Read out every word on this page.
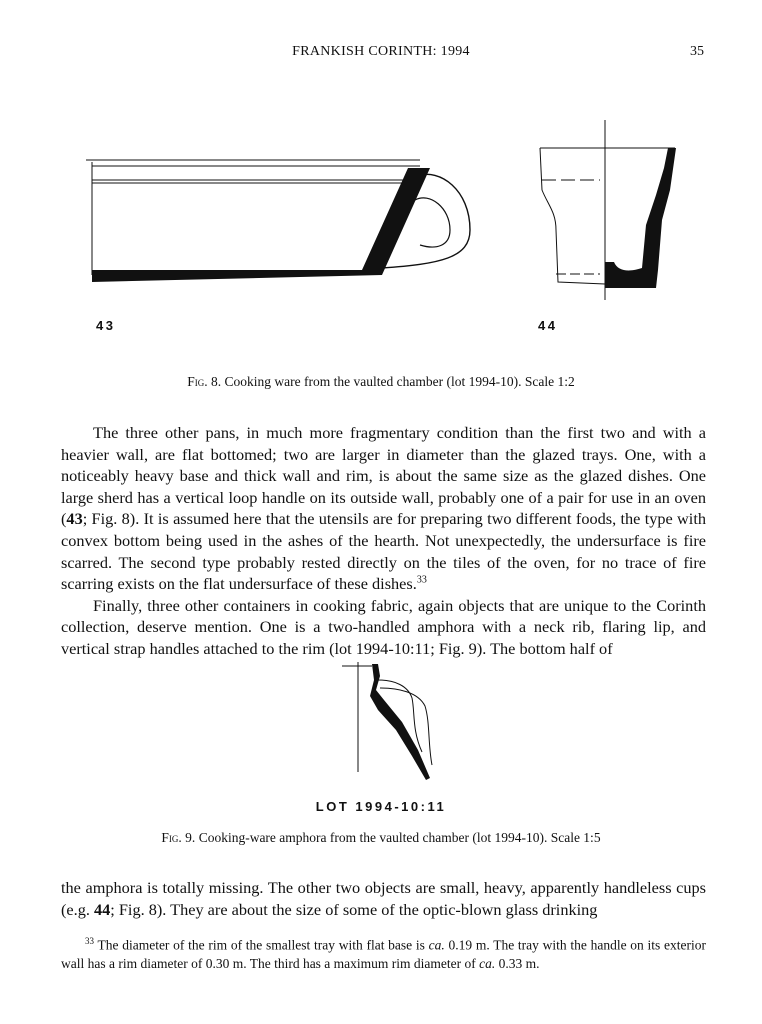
FRANKISH CORINTH: 1994	35
43	44
Fig. 8. Cooking ware from the vaulted chamber (lot 1994-10). Scale 1:2

The three other pans, in much more fragmentary condition than the first two and with a heavier wall, are flat bottomed; two are larger in diameter than the glazed trays. One, with a noticeably heavy base and thick wall and rim, is about the same size as the glazed dishes. One large sherd has a vertical loop handle on its outside wall, probably one of a pair for use in an oven (43; Fig. 8). It is assumed here that the utensils are for preparing two different foods, the type with convex bottom being used in the ashes of the hearth. Not unexpectedly, the undersurface is fire scarred. The second type probably rested directly on the tiles of the oven, for no trace of fire scarring exists on the flat undersurface of these dishes.$^{33}$

Finally, three other containers in cooking fabric, again objects that are unique to the Corinth collection, deserve mention. One is a two-handled amphora with a neck rib, flaring lip, and vertical strap handles attached to the rim (lot 1994-10:11; Fig. 9). The bottom half of

LOT 1994-10:11
Fig. 9. Cooking-ware amphora from the vaulted chamber (lot 1994-10). Scale 1:5

the amphora is totally missing. The other two objects are small, heavy, apparently handleless cups (e.g. 44; Fig. 8). They are about the size of some of the optic-blown glass drinking

$^{33}$ The diameter of the rim of the smallest tray with flat base is ca. 0.19 m. The tray with the handle on its exterior wall has a rim diameter of 0.30 m. The third has a maximum rim diameter of ca. 0.33 m.
